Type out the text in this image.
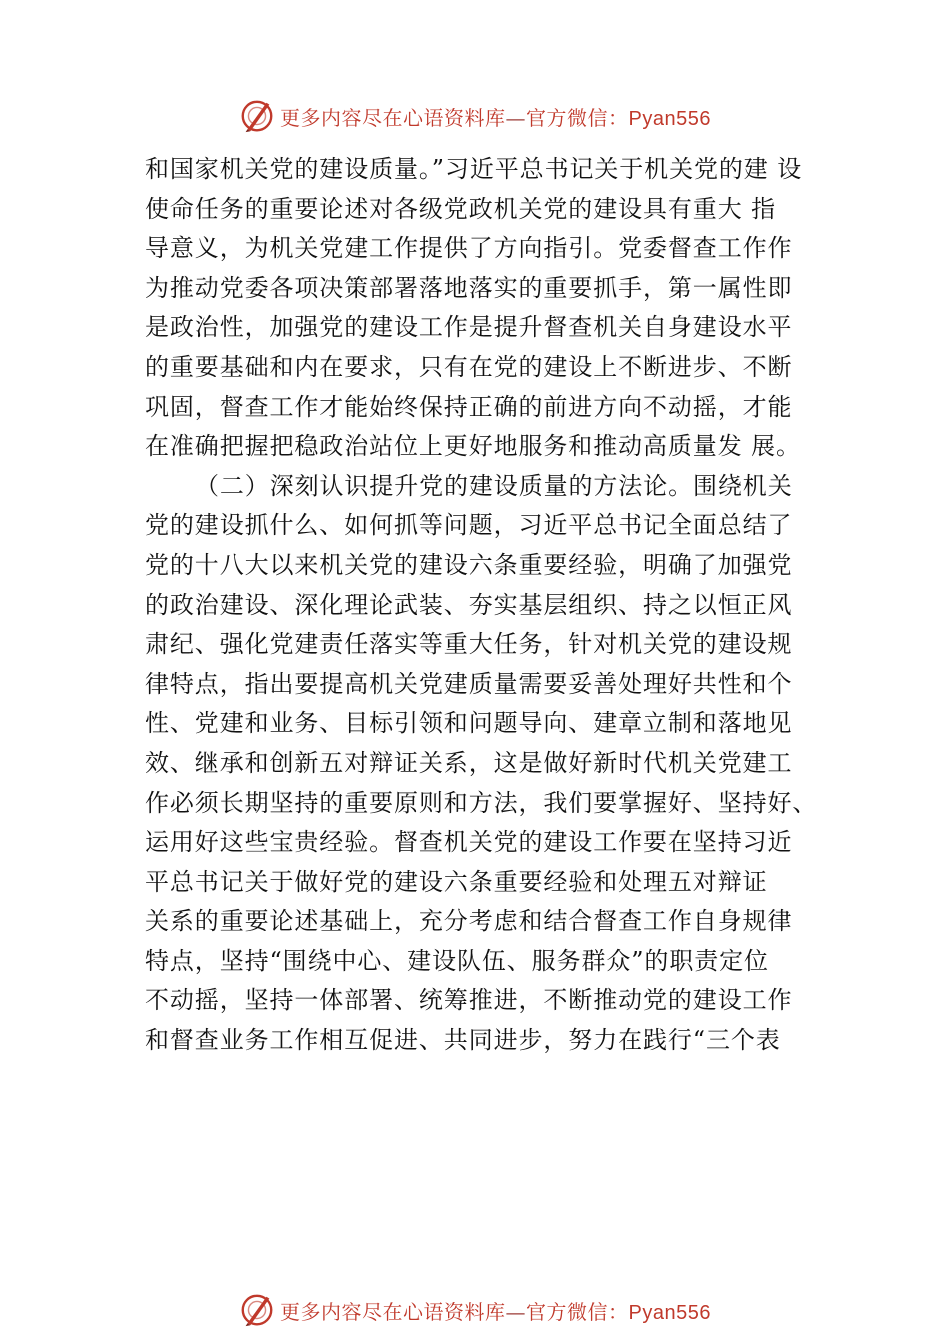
更多内容尽在心语资料库—官方微信：Pyan556
和国家机关党的建设质量。”习近平总书记关于机关党的建 设
使命任务的重要论述对各级党政机关党的建设具有重大 指
导意义，为机关党建工作提供了方向指引。党委督查工作作
为推动党委各项决策部署落地落实的重要抓手，第一属性即
是政治性，加强党的建设工作是提升督查机关自身建设水平
的重要基础和内在要求，只有在党的建设上不断进步、不断
巩固，督查工作才能始终保持正确的前进方向不动摇，才能
在准确把握把稳政治站位上更好地服务和推动高质量发 展。
（二）深刻认识提升党的建设质量的方法论。围绕机关
党的建设抓什么、如何抓等问题，习近平总书记全面总结了
党的十八大以来机关党的建设六条重要经验，明确了加强党
的政治建设、深化理论武装、夯实基层组织、持之以恒正风
肃纪、强化党建责任落实等重大任务，针对机关党的建设规
律特点，指出要提高机关党建质量需要妥善处理好共性和个
性、党建和业务、目标引领和问题导向、建章立制和落地见
效、继承和创新五对辩证关系，这是做好新时代机关党建工
作必须长期坚持的重要原则和方法，我们要掌握好、坚持好、
运用好这些宝贵经验。督查机关党的建设工作要在坚持习近
平总书记关于做好党的建设六条重要经验和处理五对辩证
关系的重要论述基础上，充分考虑和结合督查工作自身规律
特点，坚持“围绕中心、建设队伍、服务群众”的职责定位
不动摇，坚持一体部署、统筹推进，不断推动党的建设工作
和督查业务工作相互促进、共同进步，努力在践行“三个表
更多内容尽在心语资料库—官方微信：Pyan556
